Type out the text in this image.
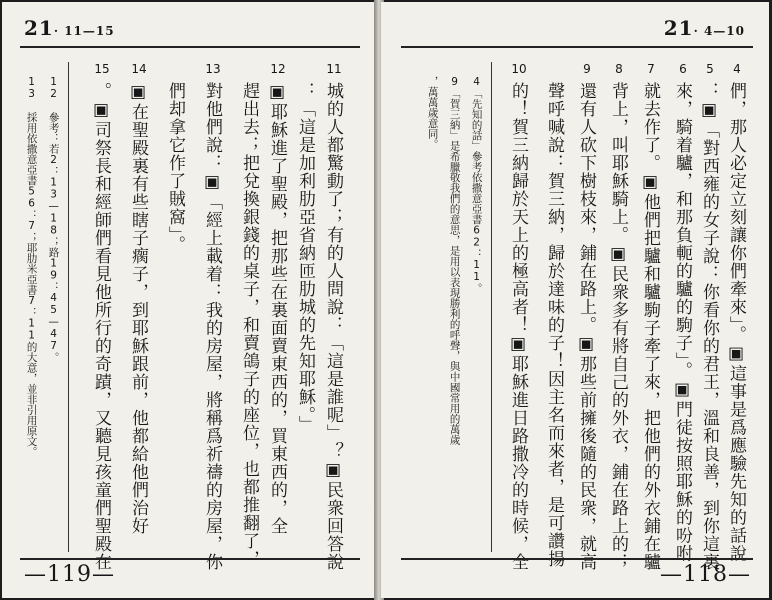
21· 11—15
11
城的人都驚動了；有的人問說：「這是誰呢」？▣民衆回答說
：「這是加利肋亞省納匝肋城的先知耶穌。」
12
▣耶穌進了聖殿，把那些在裏面賣東西的，買東西的，全
趕出去；把兌換銀錢的桌子，和賣鴿子的座位，也都推翻了，
13
對他們說：▣「經上載着：我的房屋，將稱爲祈禱的房屋，你
們却拿它作了賊窩」。
14
▣在聖殿裏有些瞎子瘸子，到耶穌跟前，他都給他們治好
15
。▣司祭長和經師們看見他所行的奇蹟，又聽見孩童們聖殿在
12 參考：若2：13—18；路19：45—47。
13 採用依撒意亞書56：7；耶肋米亞書7：11的大意，並非引用原文。
—119—
21· 4—10
4
們，那人必定立刻讓你們牽來」。▣這事是爲應驗先知的話說
5
：▣「對西雍的女子說：你看你的君王，溫和良善，到你這裏
6
來，騎着驢，和那負軛的驢的駒子」。▣門徒按照耶穌的吩咐
7
就去作了。▣他們把驢和驢駒子牽了來，把他們的外衣鋪在驢
8
背上，叫耶穌騎上。▣民衆多有將自己的外衣，鋪在路上的；
9
還有人砍下樹枝來，鋪在路上。▣那些前擁後隨的民衆，就高
聲呼喊說：賀三納，歸於達味的子！因主名而來者，是可讚揚
10
的！賀三納歸於天上的極高者！▣耶穌進日路撒冷的時候，全
4「先知的話」參考依撒意亞書62：11。
9「賀三納」是希臘敬我們的意思，是用以表現勝利的呼聲，與中國常用的萬歲
，萬萬歲意同。
—118—
